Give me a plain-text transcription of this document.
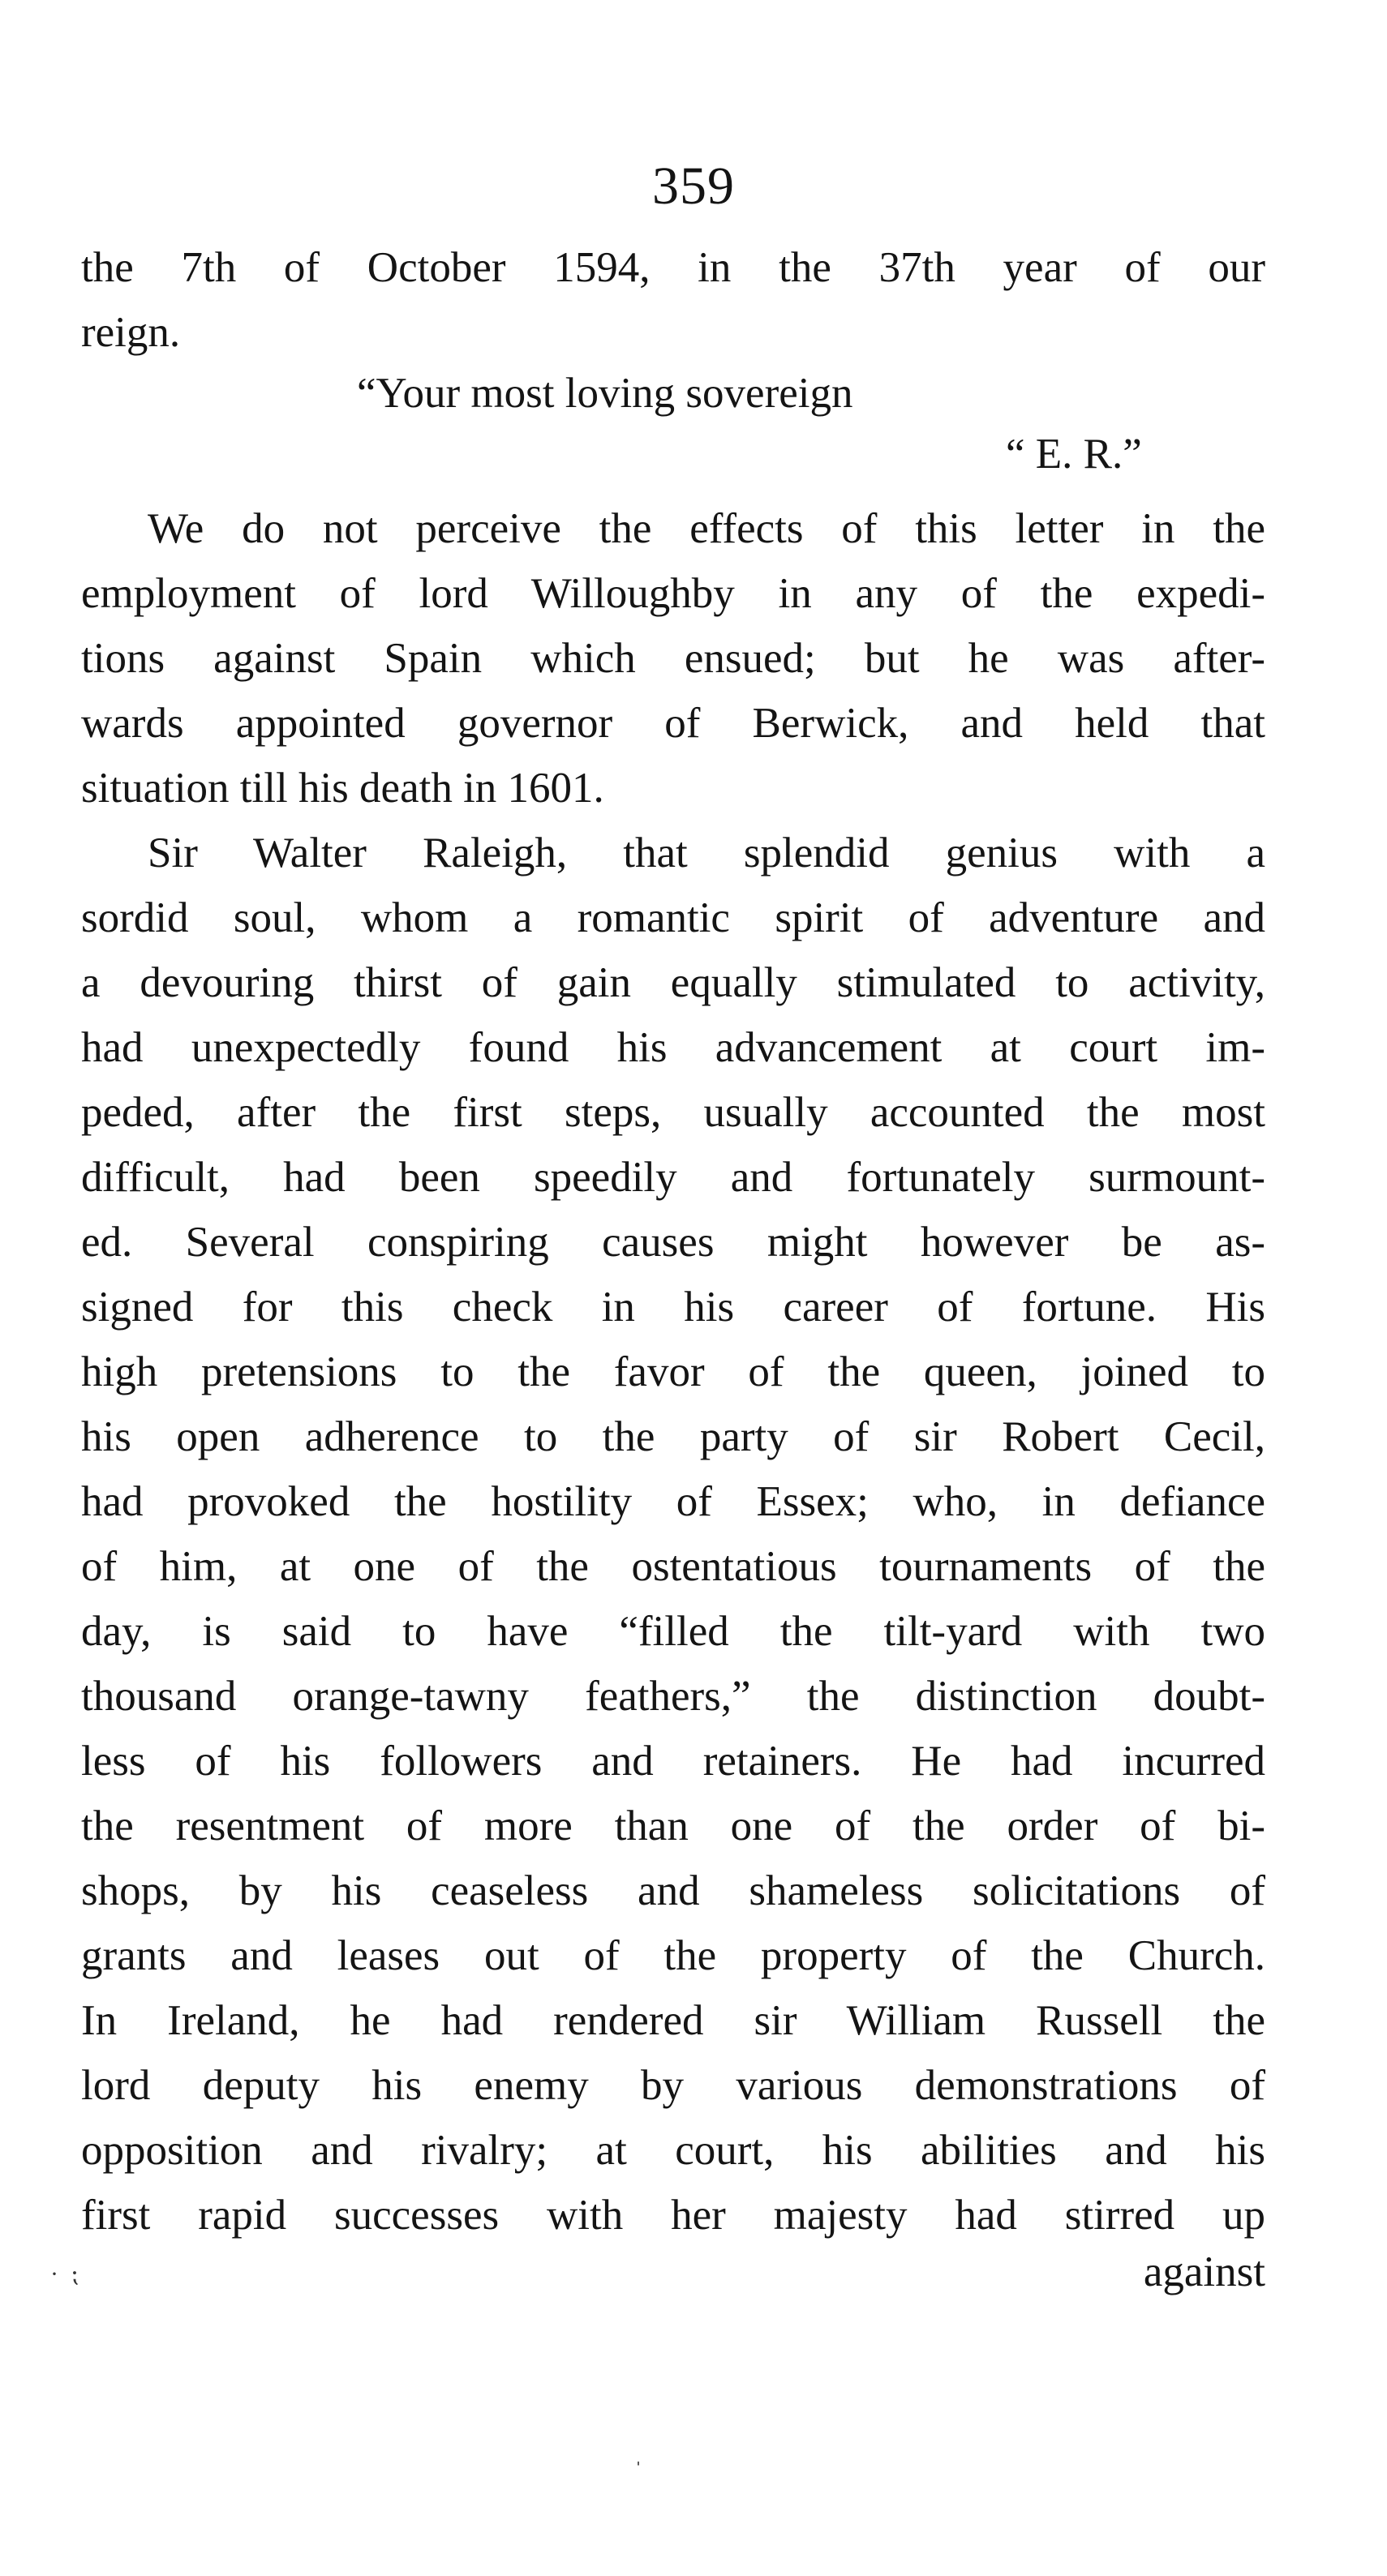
359
the 7th of October 1594, in the 37th year of our
reign.
“Your most loving sovereign
“ E. R.”
We do not perceive the effects of this letter in the
employment of lord Willoughby in any of the expedi-
tions against Spain which ensued; but he was after-
wards appointed governor of Berwick, and held that
situation till his death in 1601.
Sir Walter Raleigh, that splendid genius with a
sordid soul, whom a romantic spirit of adventure and
a devouring thirst of gain equally stimulated to activity,
had unexpectedly found his advancement at court im-
peded, after the first steps, usually accounted the most
difficult, had been speedily and fortunately surmount-
ed. Several conspiring causes might however be as-
signed for this check in his career of fortune. His
high pretensions to the favor of the queen, joined to
his open adherence to the party of sir Robert Cecil,
had provoked the hostility of Essex; who, in defiance
of him, at one of the ostentatious tournaments of the
day, is said to have “filled the tilt-yard with two
thousand orange-tawny feathers,” the distinction doubt-
less of his followers and retainers. He had incurred
the resentment of more than one of the order of bi-
shops, by his ceaseless and shameless solicitations of
grants and leases out of the property of the Church.
In Ireland, he had rendered sir William Russell the
lord deputy his enemy by various demonstrations of
opposition and rivalry; at court, his abilities and his
first rapid successes with her majesty had stirred up
against
·  ⁏
ˌ
